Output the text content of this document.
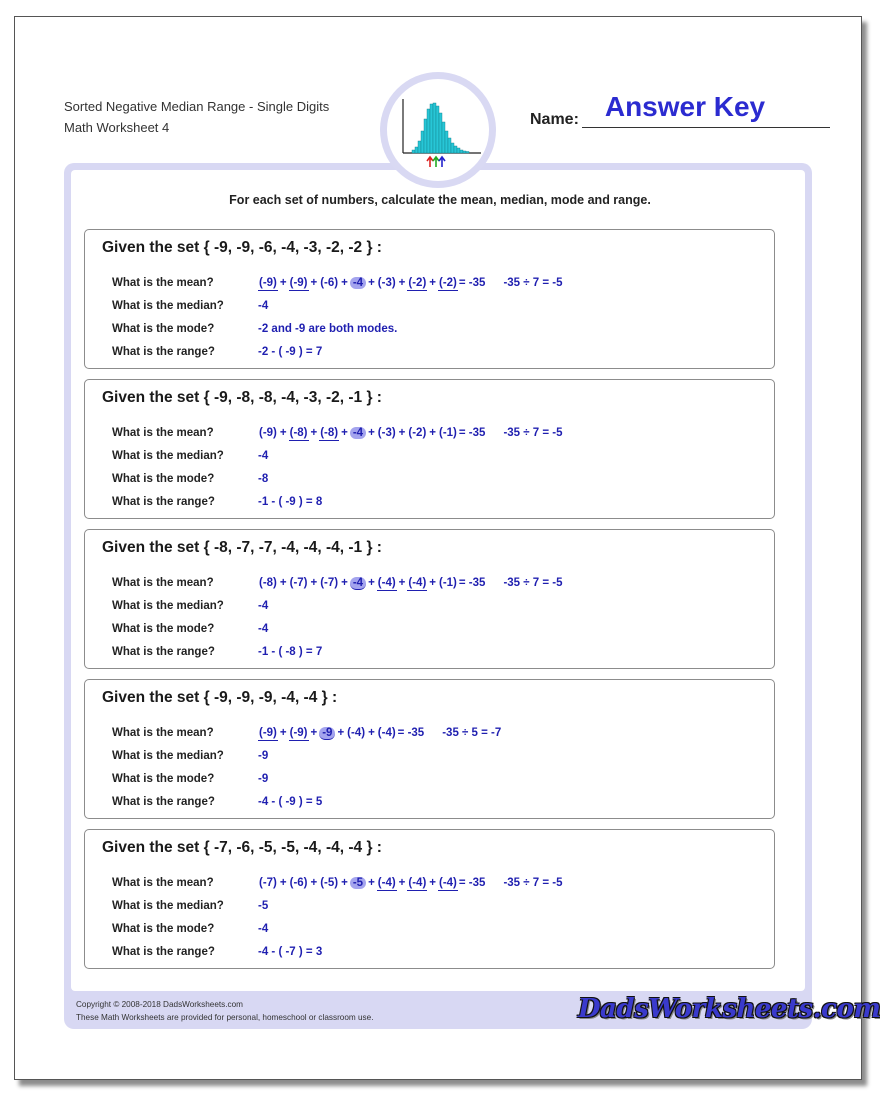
Sorted Negative Median Range - Single Digits
Math Worksheet 4	Name: Answer Key
For each set of numbers, calculate the mean, median, mode and range.
Given the set { -9, -9, -6, -4, -3, -2, -2 } :
What is the mean?	(-9) + (-9) + (-6) + -4 + (-3) + (-2) + (-2) = -35 -35 ÷ 7 = -5
What is the median?	-4
What is the mode?	-2 and -9 are both modes.
What is the range?	-2 - ( -9 ) = 7
Given the set { -9, -8, -8, -4, -3, -2, -1 } :
What is the mean?	(-9) + (-8) + (-8) + -4 + (-3) + (-2) + (-1) = -35 -35 ÷ 7 = -5
What is the median?	-4
What is the mode?	-8
What is the range?	-1 - ( -9 ) = 8
Given the set { -8, -7, -7, -4, -4, -4, -1 } :
What is the mean?	(-8) + (-7) + (-7) + -4 + (-4) + (-4) + (-1) = -35 -35 ÷ 7 = -5
What is the median?	-4
What is the mode?	-4
What is the range?	-1 - ( -8 ) = 7
Given the set { -9, -9, -9, -4, -4 } :
What is the mean?	(-9) + (-9) + -9 + (-4) + (-4) = -35 -35 ÷ 5 = -7
What is the median?	-9
What is the mode?	-9
What is the range?	-4 - ( -9 ) = 5
Given the set { -7, -6, -5, -5, -4, -4, -4 } :
What is the mean?	(-7) + (-6) + (-5) + -5 + (-4) + (-4) + (-4) = -35 -35 ÷ 7 = -5
What is the median?	-5
What is the mode?	-4
What is the range?	-4 - ( -7 ) = 3
Copyright © 2008-2018 DadsWorksheets.com
These Math Worksheets are provided for personal, homeschool or classroom use.	DadsWorksheets.com
